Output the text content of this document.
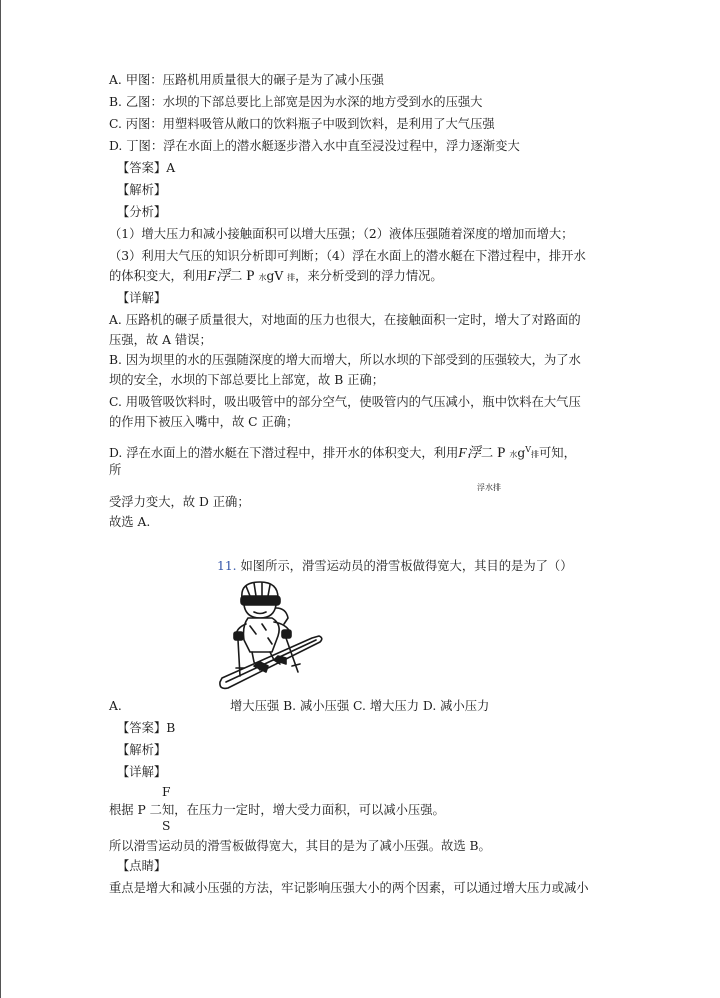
A. 甲图：压路机用质量很大的碾子是为了减小压强
B. 乙图：水坝的下部总要比上部宽是因为水深的地方受到水的压强大
C. 丙图：用塑料吸管从敞口的饮料瓶子中吸到饮料，是利用了大气压强
D. 丁图：浮在水面上的潜水艇逐步潜入水中直至浸没过程中，浮力逐渐变大
【答案】A
【解析】
【分析】
（1）增大压力和减小接触面积可以增大压强；（2）液体压强随着深度的增加而增大；
（3）利用大气压的知识分析即可判断；（4）浮在水面上的潜水艇在下潜过程中，排开水
的体积变大，利用F浮二 P 水gV 排，来分析受到的浮力情况。
【详解】
A. 压路机的碾子质量很大，对地面的压力也很大，在接触面积一定时，增大了对路面的
压强，故 A 错误；
B. 因为坝里的水的压强随深度的增大而增大，所以水坝的下部受到的压强较大，为了水
坝的安全，水坝的下部总要比上部宽，故 B 正确；
C. 用吸管吸饮料时，吸出吸管中的部分空气，使吸管内的气压减小，瓶中饮料在大气压
的作用下被压入嘴中，故 C 正确；
D. 浮在水面上的潜水艇在下潜过程中，排开水的体积变大，利用F浮二 P 水$g^V$排可知，
所
浮水排
受浮力变大，故 D 正确；
故选 A.
11. 如图所示，滑雪运动员的滑雪板做得宽大，其目的是为了（）
A.	增大压强 B. 减小压强 C. 增大压力 D. 减小压力
【答案】B
【解析】
【详解】
F
根据 P 二知，在压力一定时，增大受力面积，可以减小压强。
S
所以滑雪运动员的滑雪板做得宽大，其目的是为了减小压强。故选 B。
【点睛】
重点是增大和减小压强的方法，牢记影响压强大小的两个因素，可以通过增大压力或减小
